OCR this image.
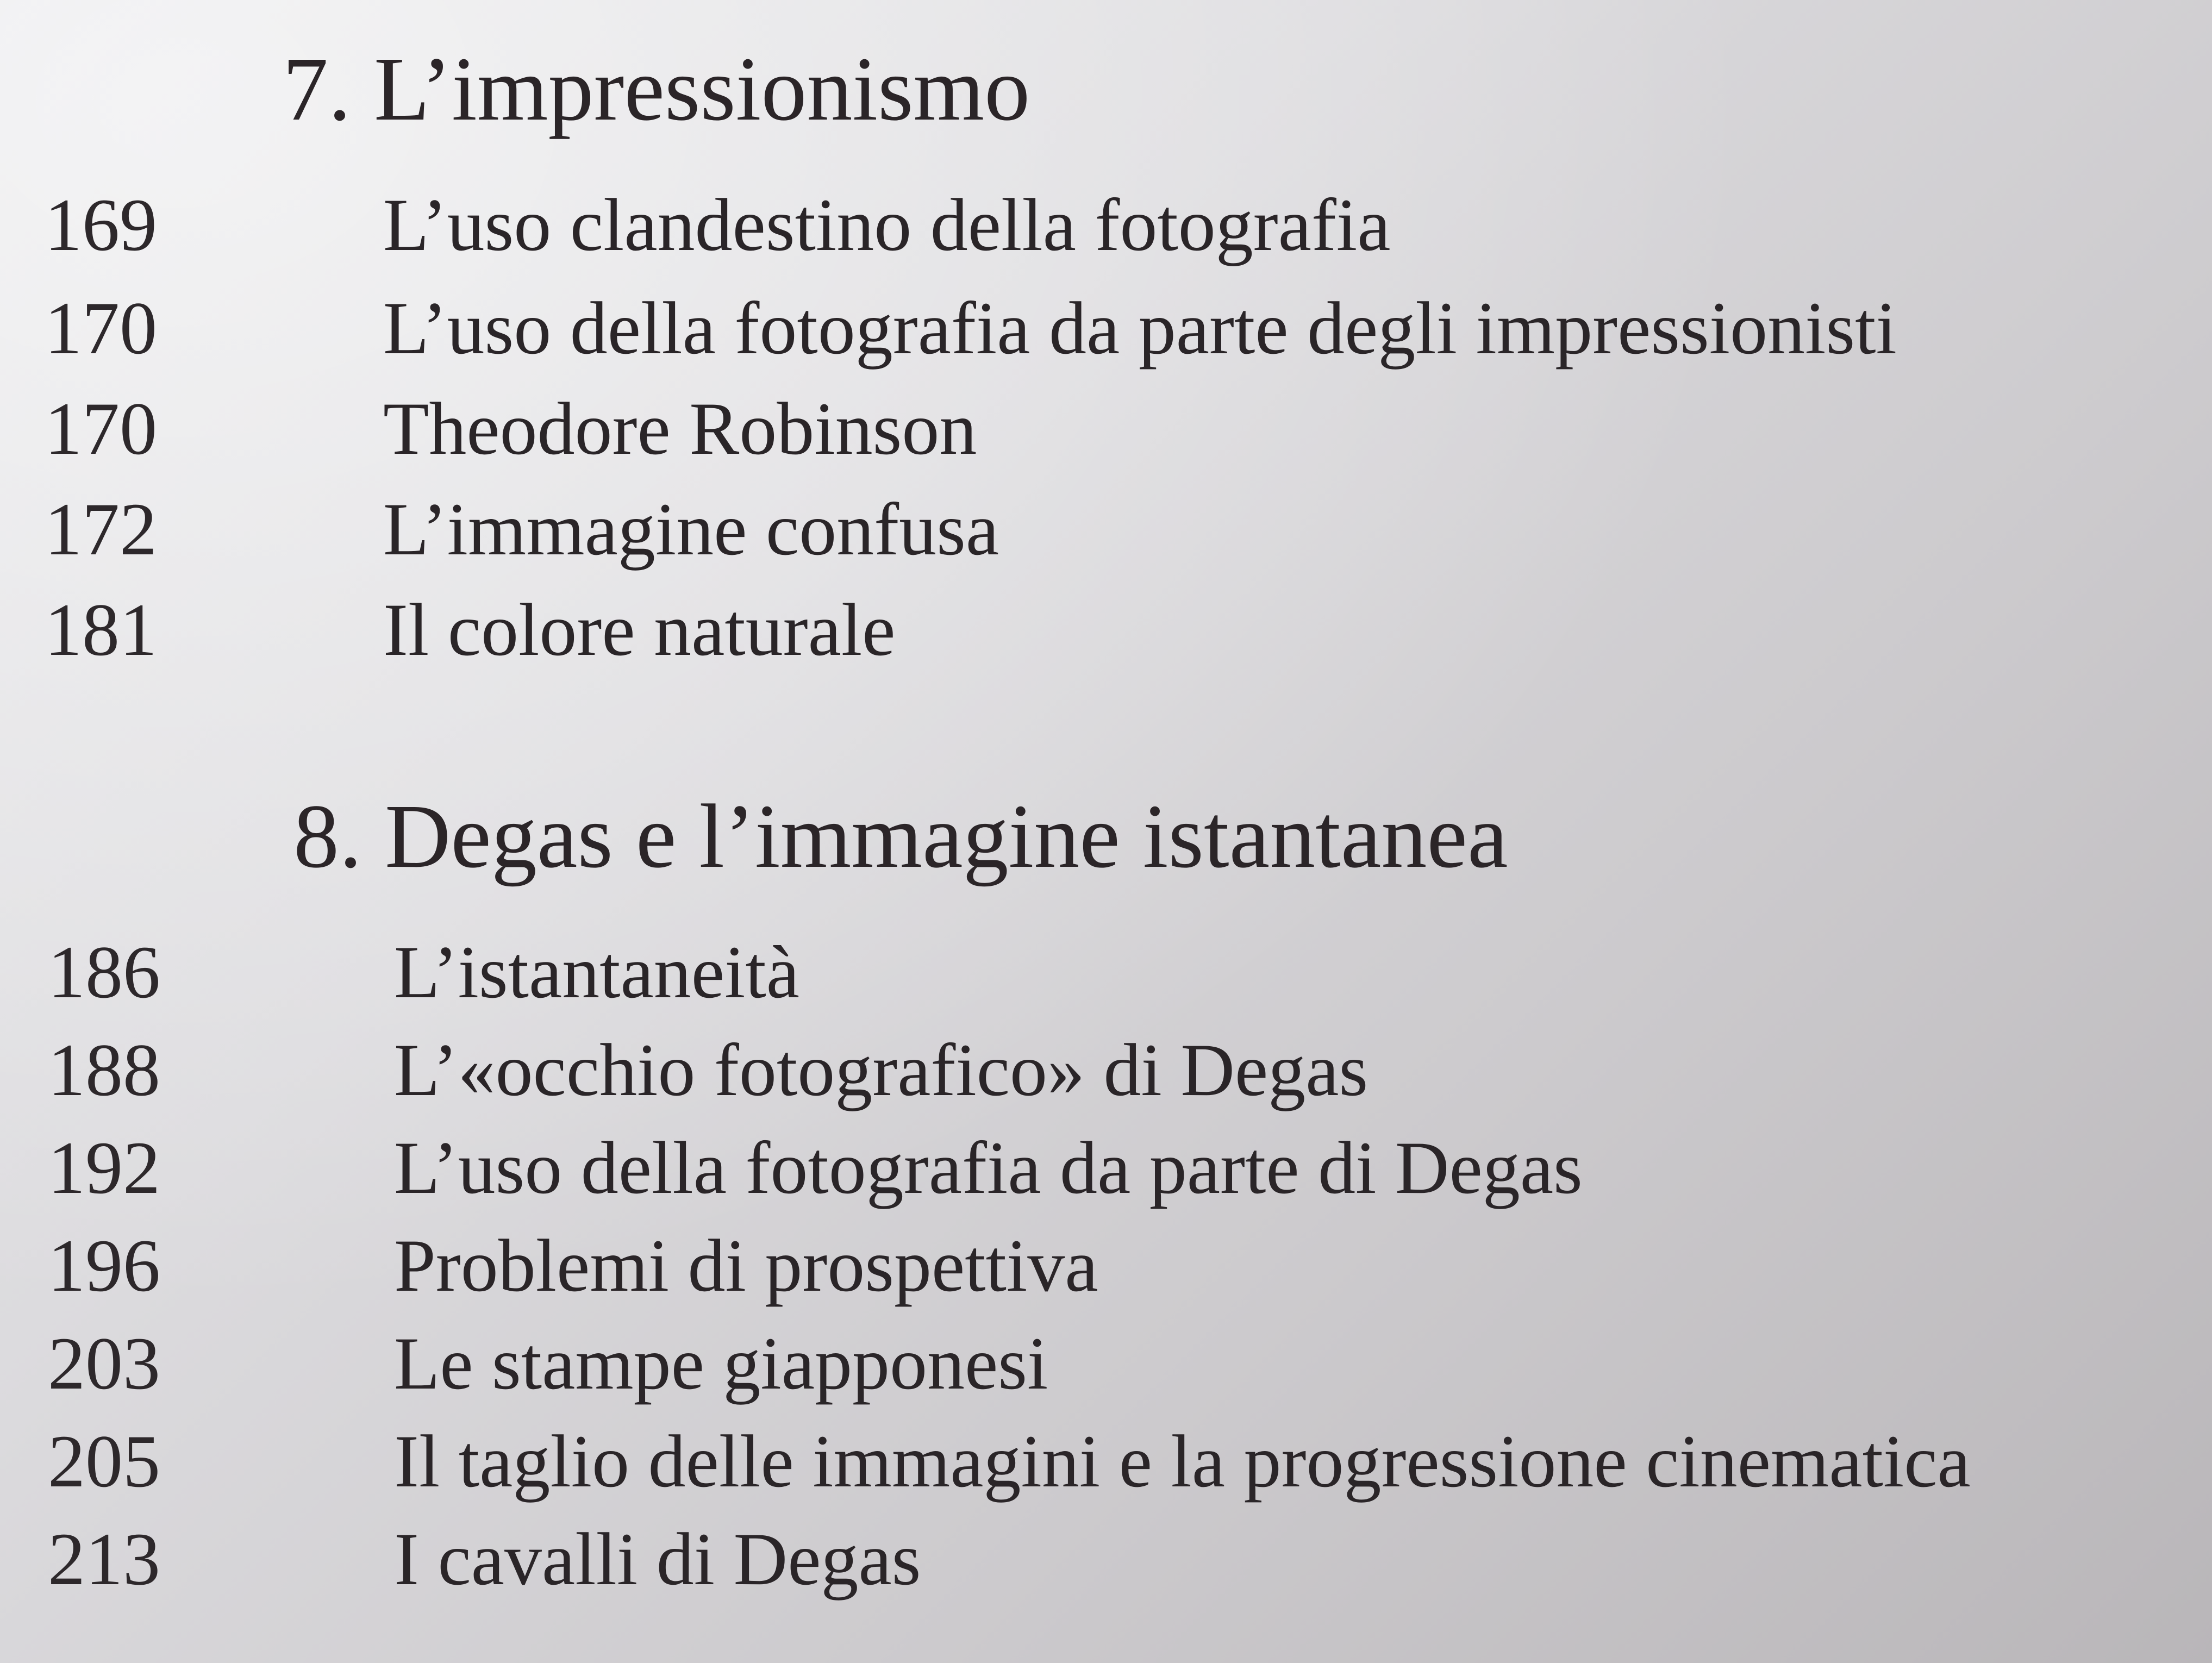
7. L’impressionismo
169	L’uso clandestino della fotografia
170	L’uso della fotografia da parte degli impressionisti
170	Theodore Robinson
172	L’immagine confusa
181	Il colore naturale
8. Degas e l’immagine istantanea
186	L’istantaneità
188	L’«occhio fotografico» di Degas
192	L’uso della fotografia da parte di Degas
196	Problemi di prospettiva
203	Le stampe giapponesi
205	Il taglio delle immagini e la progressione cinematica
213	I cavalli di Degas
